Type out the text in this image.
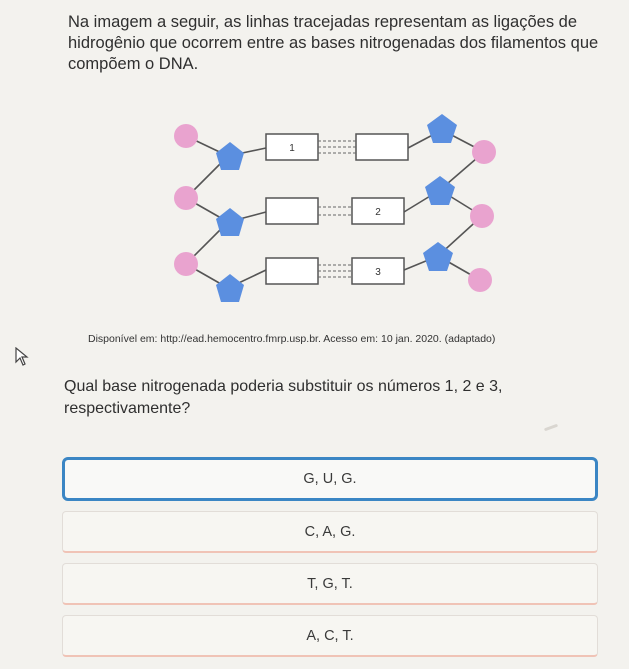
Na imagem a seguir, as linhas tracejadas representam as ligações de hidrogênio que ocorrem entre as bases nitrogenadas dos filamentos que compõem o DNA.
1
2
3
Disponível em: http://ead.hemocentro.fmrp.usp.br. Acesso em: 10 jan. 2020. (adaptado)
Qual base nitrogenada poderia substituir os números 1, 2 e 3, respectivamente?
G, U, G.
C, A, G.
T, G, T.
A, C, T.
